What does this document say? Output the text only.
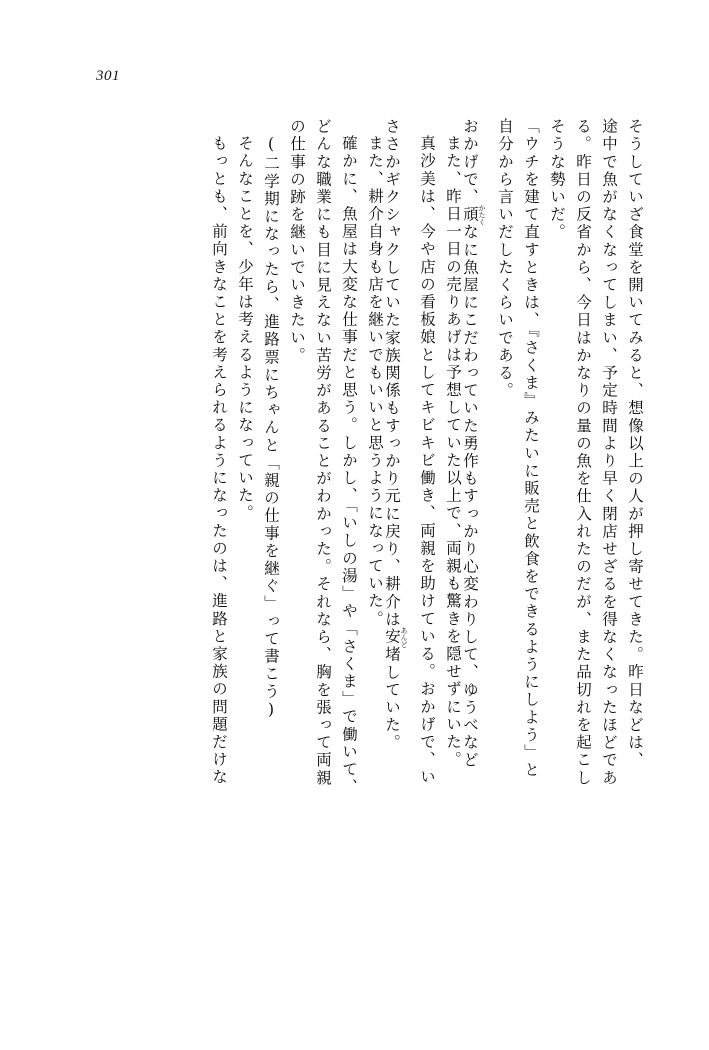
301
そうしていざ食堂を開いてみると、想像以上の人が押し寄せてきた。昨日などは、
途中で魚がなくなってしまい、予定時間より早く閉店せざるを得なくなったほどであ
る。昨日の反省から、今日はかなりの量の魚を仕入れたのだが、また品切れを起こし
そうな勢いだ。
「ウチを建て直すときは、『さくま』みたいに販売と飲食をできるようにしよう」と
自分から言いだしたくらいである。
おかげで、頑 かたくなに魚屋にこだわっていた勇作もすっかり心変わりして、ゆうべなど
また、昨日一日の売りあげは予想していた以上で、両親も驚きを隠せずにいた。
真沙美は、今や店の看板娘としてキビキビ働き、両親を助けている。おかげで、い
ささかギクシャクしていた家族関係もすっかり元に戻り、耕介は安 あんど堵していた。
また、耕介自身も店を継いでもいいと思うようになっていた。
確かに、魚屋は大変な仕事だと思う。しかし、「いしの湯」や「さくま」で働いて、
どんな職業にも目に見えない苦労があることがわかった。それなら、胸を張って両親
の仕事の跡を継いでいきたい。
(二学期になったら、進路票にちゃんと「親の仕事を継ぐ」って書こう)
そんなことを、少年は考えるようになっていた。
もっとも、前向きなことを考えられるようになったのは、進路と家族の問題だけな
